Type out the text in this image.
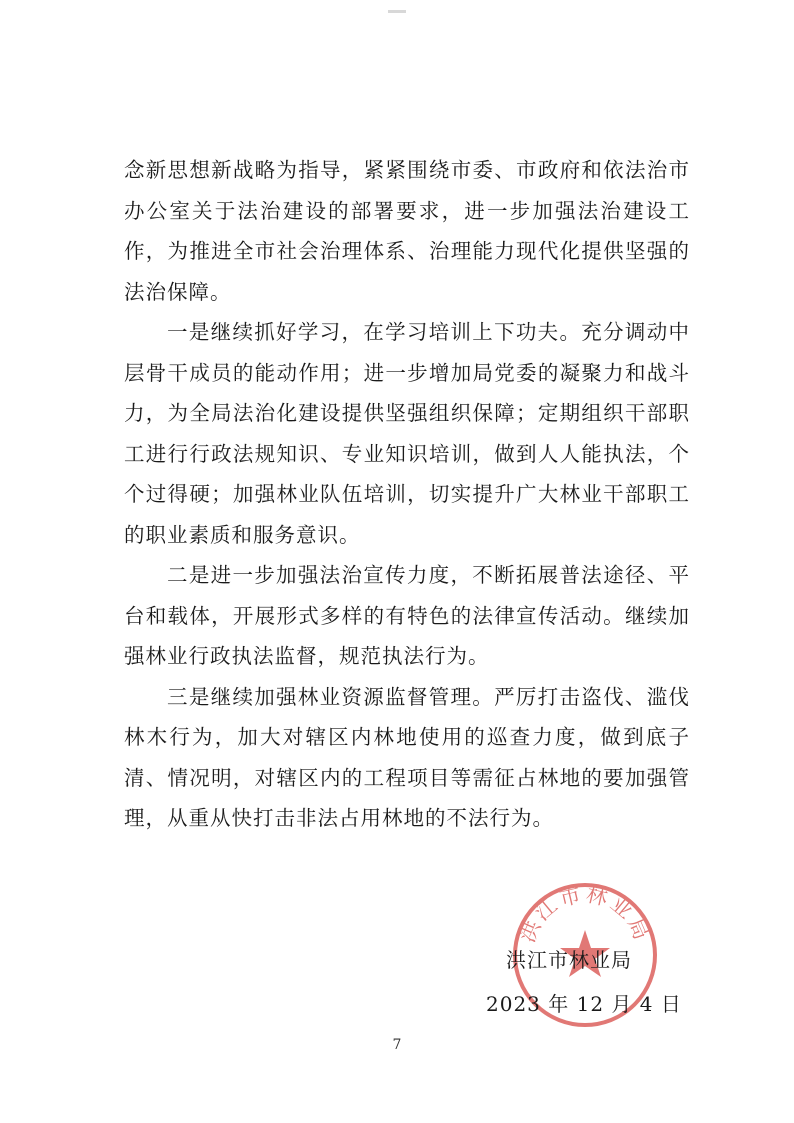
念新思想新战略为指导，紧紧围绕市委、市政府和依法治市办公室关于法治建设的部署要求，进一步加强法治建设工作，为推进全市社会治理体系、治理能力现代化提供坚强的法治保障。

一是继续抓好学习，在学习培训上下功夫。充分调动中层骨干成员的能动作用；进一步增加局党委的凝聚力和战斗力，为全局法治化建设提供坚强组织保障；定期组织干部职工进行行政法规知识、专业知识培训，做到人人能执法，个个过得硬；加强林业队伍培训，切实提升广大林业干部职工的职业素质和服务意识。

二是进一步加强法治宣传力度，不断拓展普法途径、平台和载体，开展形式多样的有特色的法律宣传活动。继续加强林业行政执法监督，规范执法行为。

三是继续加强林业资源监督管理。严厉打击盗伐、滥伐林木行为，加大对辖区内林地使用的巡查力度，做到底子清、情况明，对辖区内的工程项目等需征占林地的要加强管理，从重从快打击非法占用林地的不法行为。

洪江市林业局
洪江市林业局
2023 年 12 月 4 日
7
